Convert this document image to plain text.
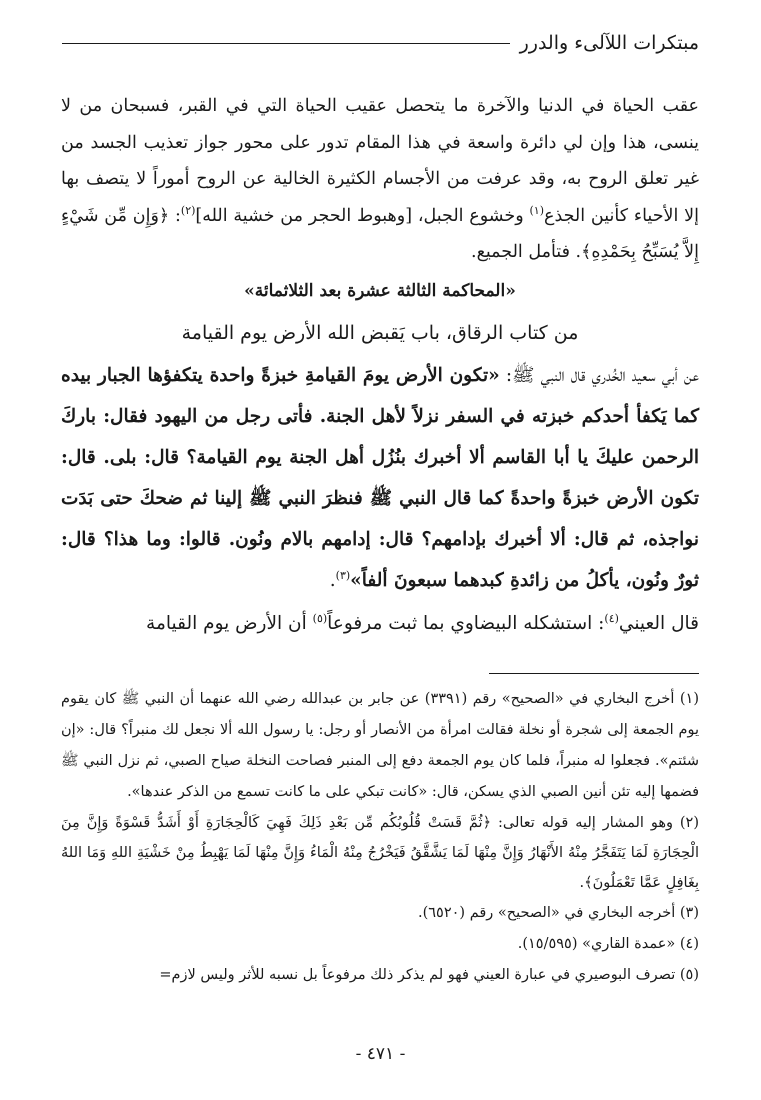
مبتكرات اللآلىء والدرر

عقب الحياة في الدنيا والآخرة ما يتحصل عقيب الحياة التي في القبر، فسبحان من لا ينسى، هذا وإن لي دائرة واسعة في هذا المقام تدور على محور جواز تعذيب الجسد من غير تعلق الروح به، وقد عرفت من الأجسام الكثيرة الخالية عن الروح أموراً لا يتصف بها إلا الأحياء كأنين الجذع$^{(١)}$ وخشوع الجبل، [وهبوط الحجر من خشية الله]$^{(٢)}$: ﴿وَإِن مِّن شَيْءٍ إِلاَّ يُسَبِّحُ بِحَمْدِهِ﴾. فتأمل الجميع.

«المحاكمة الثالثة عشرة بعد الثلاثمائة»
من كتاب الرقاق، باب يَقبض الله الأرض يوم القيامة

عن أبي سعيد الخُدري قال النبي ﷺ: «تكون الأرض يومَ القيامةِ خبزةً واحدة يتكفؤها الجبار بيده كما يَكفأ أحدكم خبزته في السفر نزلاً لأهل الجنة. فأتى رجل من اليهود فقال: باركَ الرحمن عليكَ يا أبا القاسم ألا أخبرك بنُزُل أهل الجنة يوم القيامة؟ قال: بلى. قال: تكون الأرض خبزةً واحدةً كما قال النبي ﷺ فنظرَ النبي ﷺ إلينا ثم ضحكَ حتى بَدَت نواجذه، ثم قال: ألا أخبرك بإدامهم؟ قال: إدامهم بالام ونُون. قالوا: وما هذا؟ قال: ثورٌ ونُون، يأكلُ من زائدةِ كبدهما سبعونَ ألفاً»$^{(٣)}$.

قال العيني$^{(٤)}$: استشكله البيضاوي بما ثبت مرفوعاً$^{(٥)}$ أن الأرض يوم القيامة

(١) أخرج البخاري في «الصحيح» رقم (٣٣٩١) عن جابر بن عبدالله رضي الله عنهما أن النبي ﷺ كان يقوم يوم الجمعة إلى شجرة أو نخلة فقالت امرأة من الأنصار أو رجل: يا رسول الله ألا نجعل لك منبراً؟ قال: «إن شئتم». فجعلوا له منبراً، فلما كان يوم الجمعة دفع إلى المنبر فصاحت النخلة صياح الصبي، ثم نزل النبي ﷺ فضمها إليه تئن أنين الصبي الذي يسكن، قال: «كانت تبكي على ما كانت تسمع من الذكر عندها».

(٢) وهو المشار إليه قوله تعالى: ﴿ثُمَّ قَسَتْ قُلُوبُكُم مِّن بَعْدِ ذَلِكَ فَهِيَ كَالْحِجَارَةِ أَوْ أَشَدُّ قَسْوَةً وَإِنَّ مِنَ الْحِجَارَةِ لَمَا يَتَفَجَّرُ مِنْهُ الأَنْهَارُ وَإِنَّ مِنْهَا لَمَا يَشَّقَّقُ فَيَخْرُجُ مِنْهُ الْمَاءُ وَإِنَّ مِنْهَا لَمَا يَهْبِطُ مِنْ خَشْيَةِ اللهِ وَمَا اللهُ بِغَافِلٍ عَمَّا تَعْمَلُونَ﴾.

(٣) أخرجه البخاري في «الصحيح» رقم (٦٥٢٠).

(٤) «عمدة القاري» (١٥/٥٩٥).

(٥) تصرف البوصيري في عبارة العيني فهو لم يذكر ذلك مرفوعاً بل نسبه للأثر وليس لازم=

- ٤٧١ -
